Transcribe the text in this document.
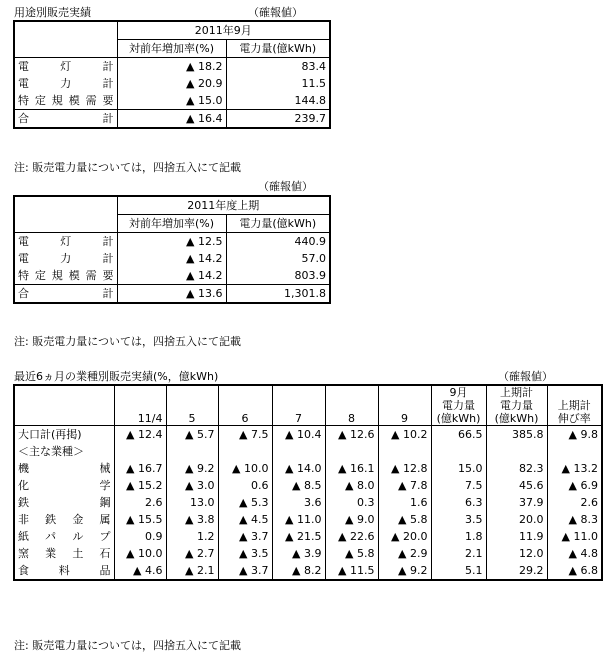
用途別販売実績	（確報値）
	2011年9月	
	対前年増加率(%)	電力量(億kWh)
電灯計	▲ 18.2	83.4
電力計	▲ 20.9	11.5
特定規模需要	▲ 15.0	144.8
合計	▲ 16.4	239.7
注: 販売電力量については，四捨五入にて記載
（確報値）
	2011年度上期	
	対前年増加率(%)	電力量(億kWh)
電灯計	▲ 12.5	440.9
電力計	▲ 14.2	57.0
特定規模需要	▲ 14.2	803.9
合計	▲ 13.6	1,301.8
注: 販売電力量については，四捨五入にて記載
最近6ヵ月の業種別販売実績(%，億kWh)	（確報値）
							9月	上期計	
							電力量	電力量	上期計
	11/4	5	6	7	8	9	(億kWh)	(億kWh)	伸び率
大口計(再掲)	▲ 12.4	▲ 5.7	▲ 7.5	▲ 10.4	▲ 12.6	▲ 10.2	66.5	385.8	▲ 9.8
＜主な業種＞									
機械	▲ 16.7	▲ 9.2	▲ 10.0	▲ 14.0	▲ 16.1	▲ 12.8	15.0	82.3	▲ 13.2
化学	▲ 15.2	▲ 3.0	0.6	▲ 8.5	▲ 8.0	▲ 7.8	7.5	45.6	▲ 6.9
鉄鋼	2.6	13.0	▲ 5.3	3.6	0.3	1.6	6.3	37.9	2.6
非鉄金属	▲ 15.5	▲ 3.8	▲ 4.5	▲ 11.0	▲ 9.0	▲ 5.8	3.5	20.0	▲ 8.3
紙パルプ	0.9	1.2	▲ 3.7	▲ 21.5	▲ 22.6	▲ 20.0	1.8	11.9	▲ 11.0
窯業土石	▲ 10.0	▲ 2.7	▲ 3.5	▲ 3.9	▲ 5.8	▲ 2.9	2.1	12.0	▲ 4.8
食料品	▲ 4.6	▲ 2.1	▲ 3.7	▲ 8.2	▲ 11.5	▲ 9.2	5.1	29.2	▲ 6.8
注: 販売電力量については，四捨五入にて記載
